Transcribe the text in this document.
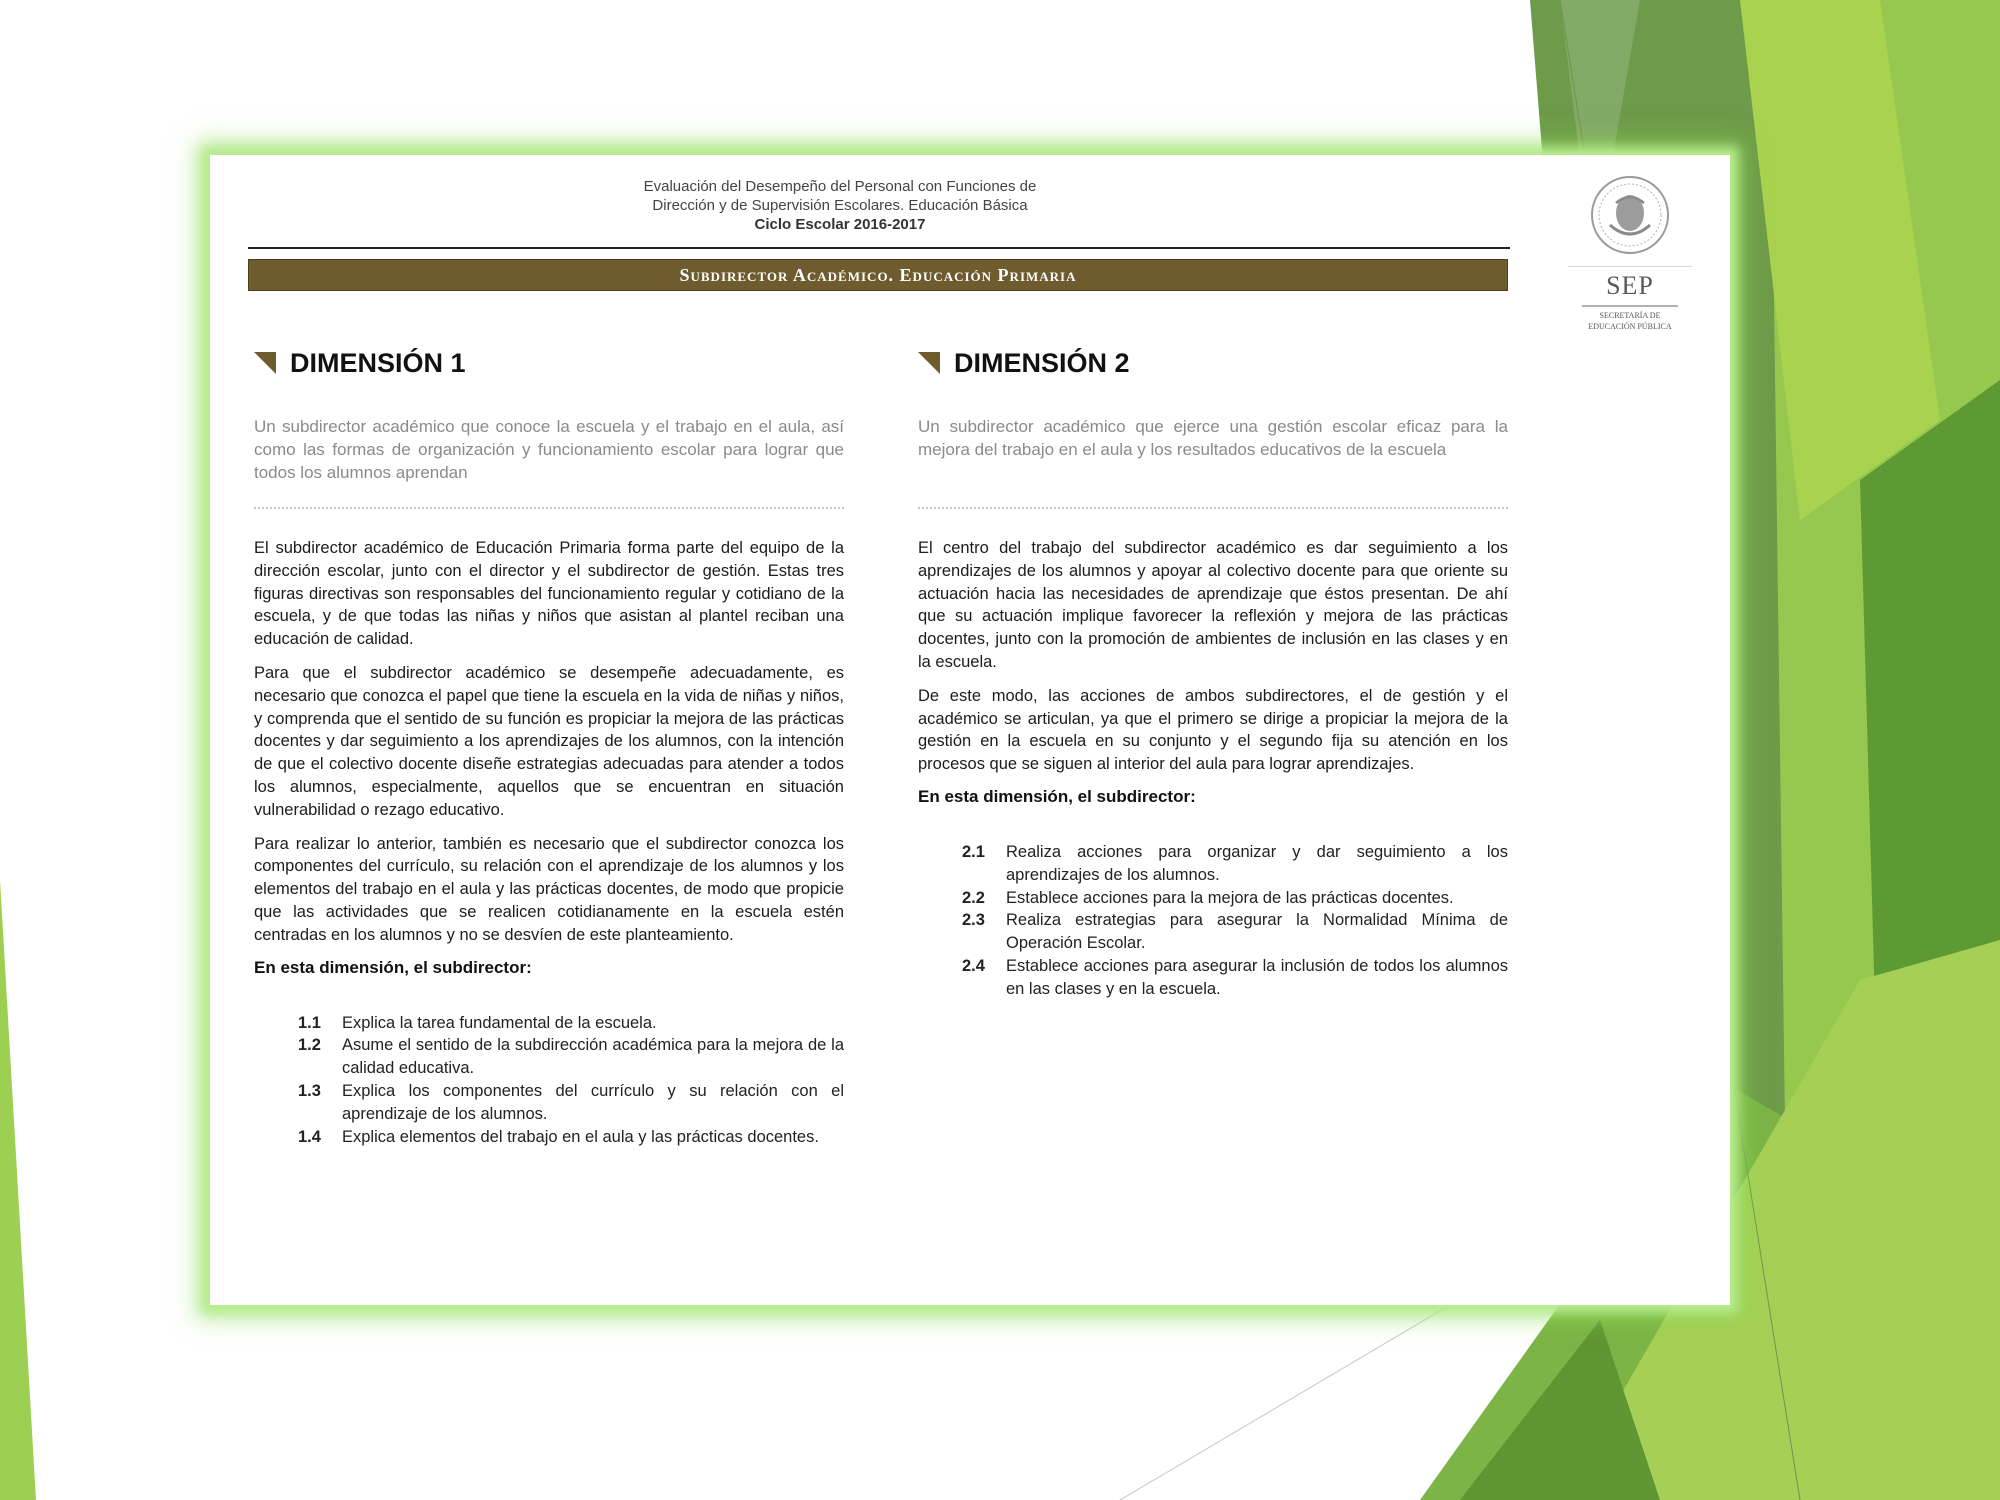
Evaluación del Desempeño del Personal con Funciones de
Dirección y de Supervisión Escolares. Educación Básica
Ciclo Escolar 2016-2017
SEP
SECRETARÍA DE
EDUCACIÓN PÚBLICA
Subdirector Académico. Educación Primaria
DIMENSIÓN 1

Un subdirector académico que conoce la escuela y el trabajo en el aula, así como las formas de organización y funcionamiento escolar para lograr que todos los alumnos aprendan

El subdirector académico de Educación Primaria forma parte del equipo de la dirección escolar, junto con el director y el subdirector de gestión. Estas tres figuras directivas son responsables del funcionamiento regular y cotidiano de la escuela, y de que todas las niñas y niños que asistan al plantel reciban una educación de calidad.

Para que el subdirector académico se desempeñe adecuadamente, es necesario que conozca el papel que tiene la escuela en la vida de niñas y niños, y comprenda que el sentido de su función es propiciar la mejora de las prácticas docentes y dar seguimiento a los aprendizajes de los alumnos, con la intención de que el colectivo docente diseñe estrategias adecuadas para atender a todos los alumnos, especialmente, aquellos que se encuentran en situación vulnerabilidad o rezago educativo.

Para realizar lo anterior, también es necesario que el subdirector conozca los componentes del currículo, su relación con el aprendizaje de los alumnos y los elementos del trabajo en el aula y las prácticas docentes, de modo que propicie que las actividades que se realicen cotidianamente en la escuela estén centradas en los alumnos y no se desvíen de este planteamiento.

En esta dimensión, el subdirector:

1.1	Explica la tarea fundamental de la escuela.
1.2	Asume el sentido de la subdirección académica para la mejora de la calidad educativa.
1.3	Explica los componentes del currículo y su relación con el aprendizaje de los alumnos.
1.4	Explica elementos del trabajo en el aula y las prácticas docentes.
DIMENSIÓN 2

Un subdirector académico que ejerce una gestión escolar eficaz para la mejora del trabajo en el aula y los resultados educativos de la escuela

El centro del trabajo del subdirector académico es dar seguimiento a los aprendizajes de los alumnos y apoyar al colectivo docente para que oriente su actuación hacia las necesidades de aprendizaje que éstos presentan. De ahí que su actuación implique favorecer la reflexión y mejora de las prácticas docentes, junto con la promoción de ambientes de inclusión en las clases y en la escuela.

De este modo, las acciones de ambos subdirectores, el de gestión y el académico se articulan, ya que el primero se dirige a propiciar la mejora de la gestión en la escuela en su conjunto y el segundo fija su atención en los procesos que se siguen al interior del aula para lograr aprendizajes.

En esta dimensión, el subdirector:

2.1	Realiza acciones para organizar y dar seguimiento a los aprendizajes de los alumnos.
2.2	Establece acciones para la mejora de las prácticas docentes.
2.3	Realiza estrategias para asegurar la Normalidad Mínima de Operación Escolar.
2.4	Establece acciones para asegurar la inclusión de todos los alumnos en las clases y en la escuela.
